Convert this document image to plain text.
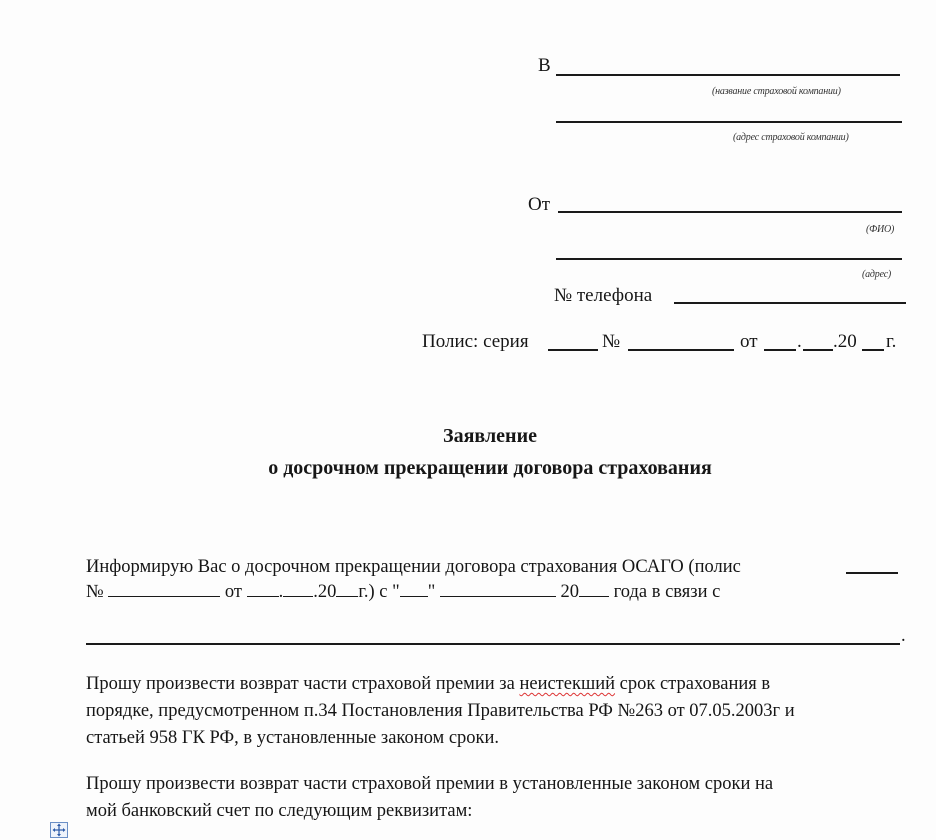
В
(название страховой компании)
(адрес страховой компании)
От
(ФИО)
(адрес)
№ телефона
Полис: серия	№	от . .20 г.
Заявление
о досрочном прекращении договора страхования
Информирую Вас о досрочном прекращении договора страхования ОСАГО (полис
№	от . .20 г.) с " "	20 года в связи с
.
Прошу произвести возврат части страховой премии за неистекший срок страхования в
порядке, предусмотренном п.34 Постановления Правительства РФ №263 от 07.05.2003г и
статьей 958 ГК РФ, в установленные законом сроки.
Прошу произвести возврат части страховой премии в установленные законом сроки на
мой банковский счет по следующим реквизитам:
